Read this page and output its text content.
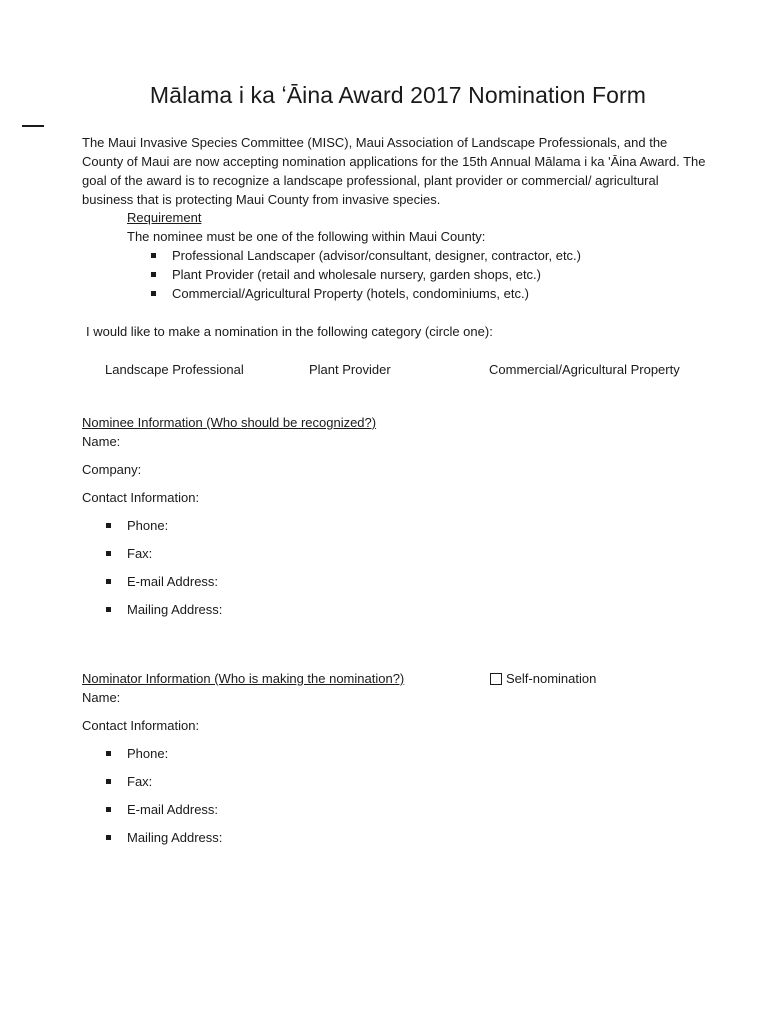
Mālama i ka ʻĀina Award 2017 Nomination Form

The Maui Invasive Species Committee (MISC), Maui Association of Landscape Professionals, and the County of Maui are now accepting nomination applications for the 15th Annual Mālama i ka 'Āina Award. The goal of the award is to recognize a landscape professional, plant provider or commercial/ agricultural business that is protecting Maui County from invasive species.

Requirement
The nominee must be one of the following within Maui County:
Professional Landscaper (advisor/consultant, designer, contractor, etc.)
Plant Provider (retail and wholesale nursery, garden shops, etc.)
Commercial/Agricultural Property (hotels, condominiums, etc.)
I would like to make a nomination in the following category (circle one):
Landscape Professional	Plant Provider	Commercial/Agricultural Property
Nominee Information (Who should be recognized?)
Name:
Company:
Contact Information:
Phone:
Fax:
E-mail Address:
Mailing Address:
Nominator Information (Who is making the nomination?)
Name:
Contact Information:
Phone:
Fax:
E-mail Address:
Mailing Address:
Self-nomination
